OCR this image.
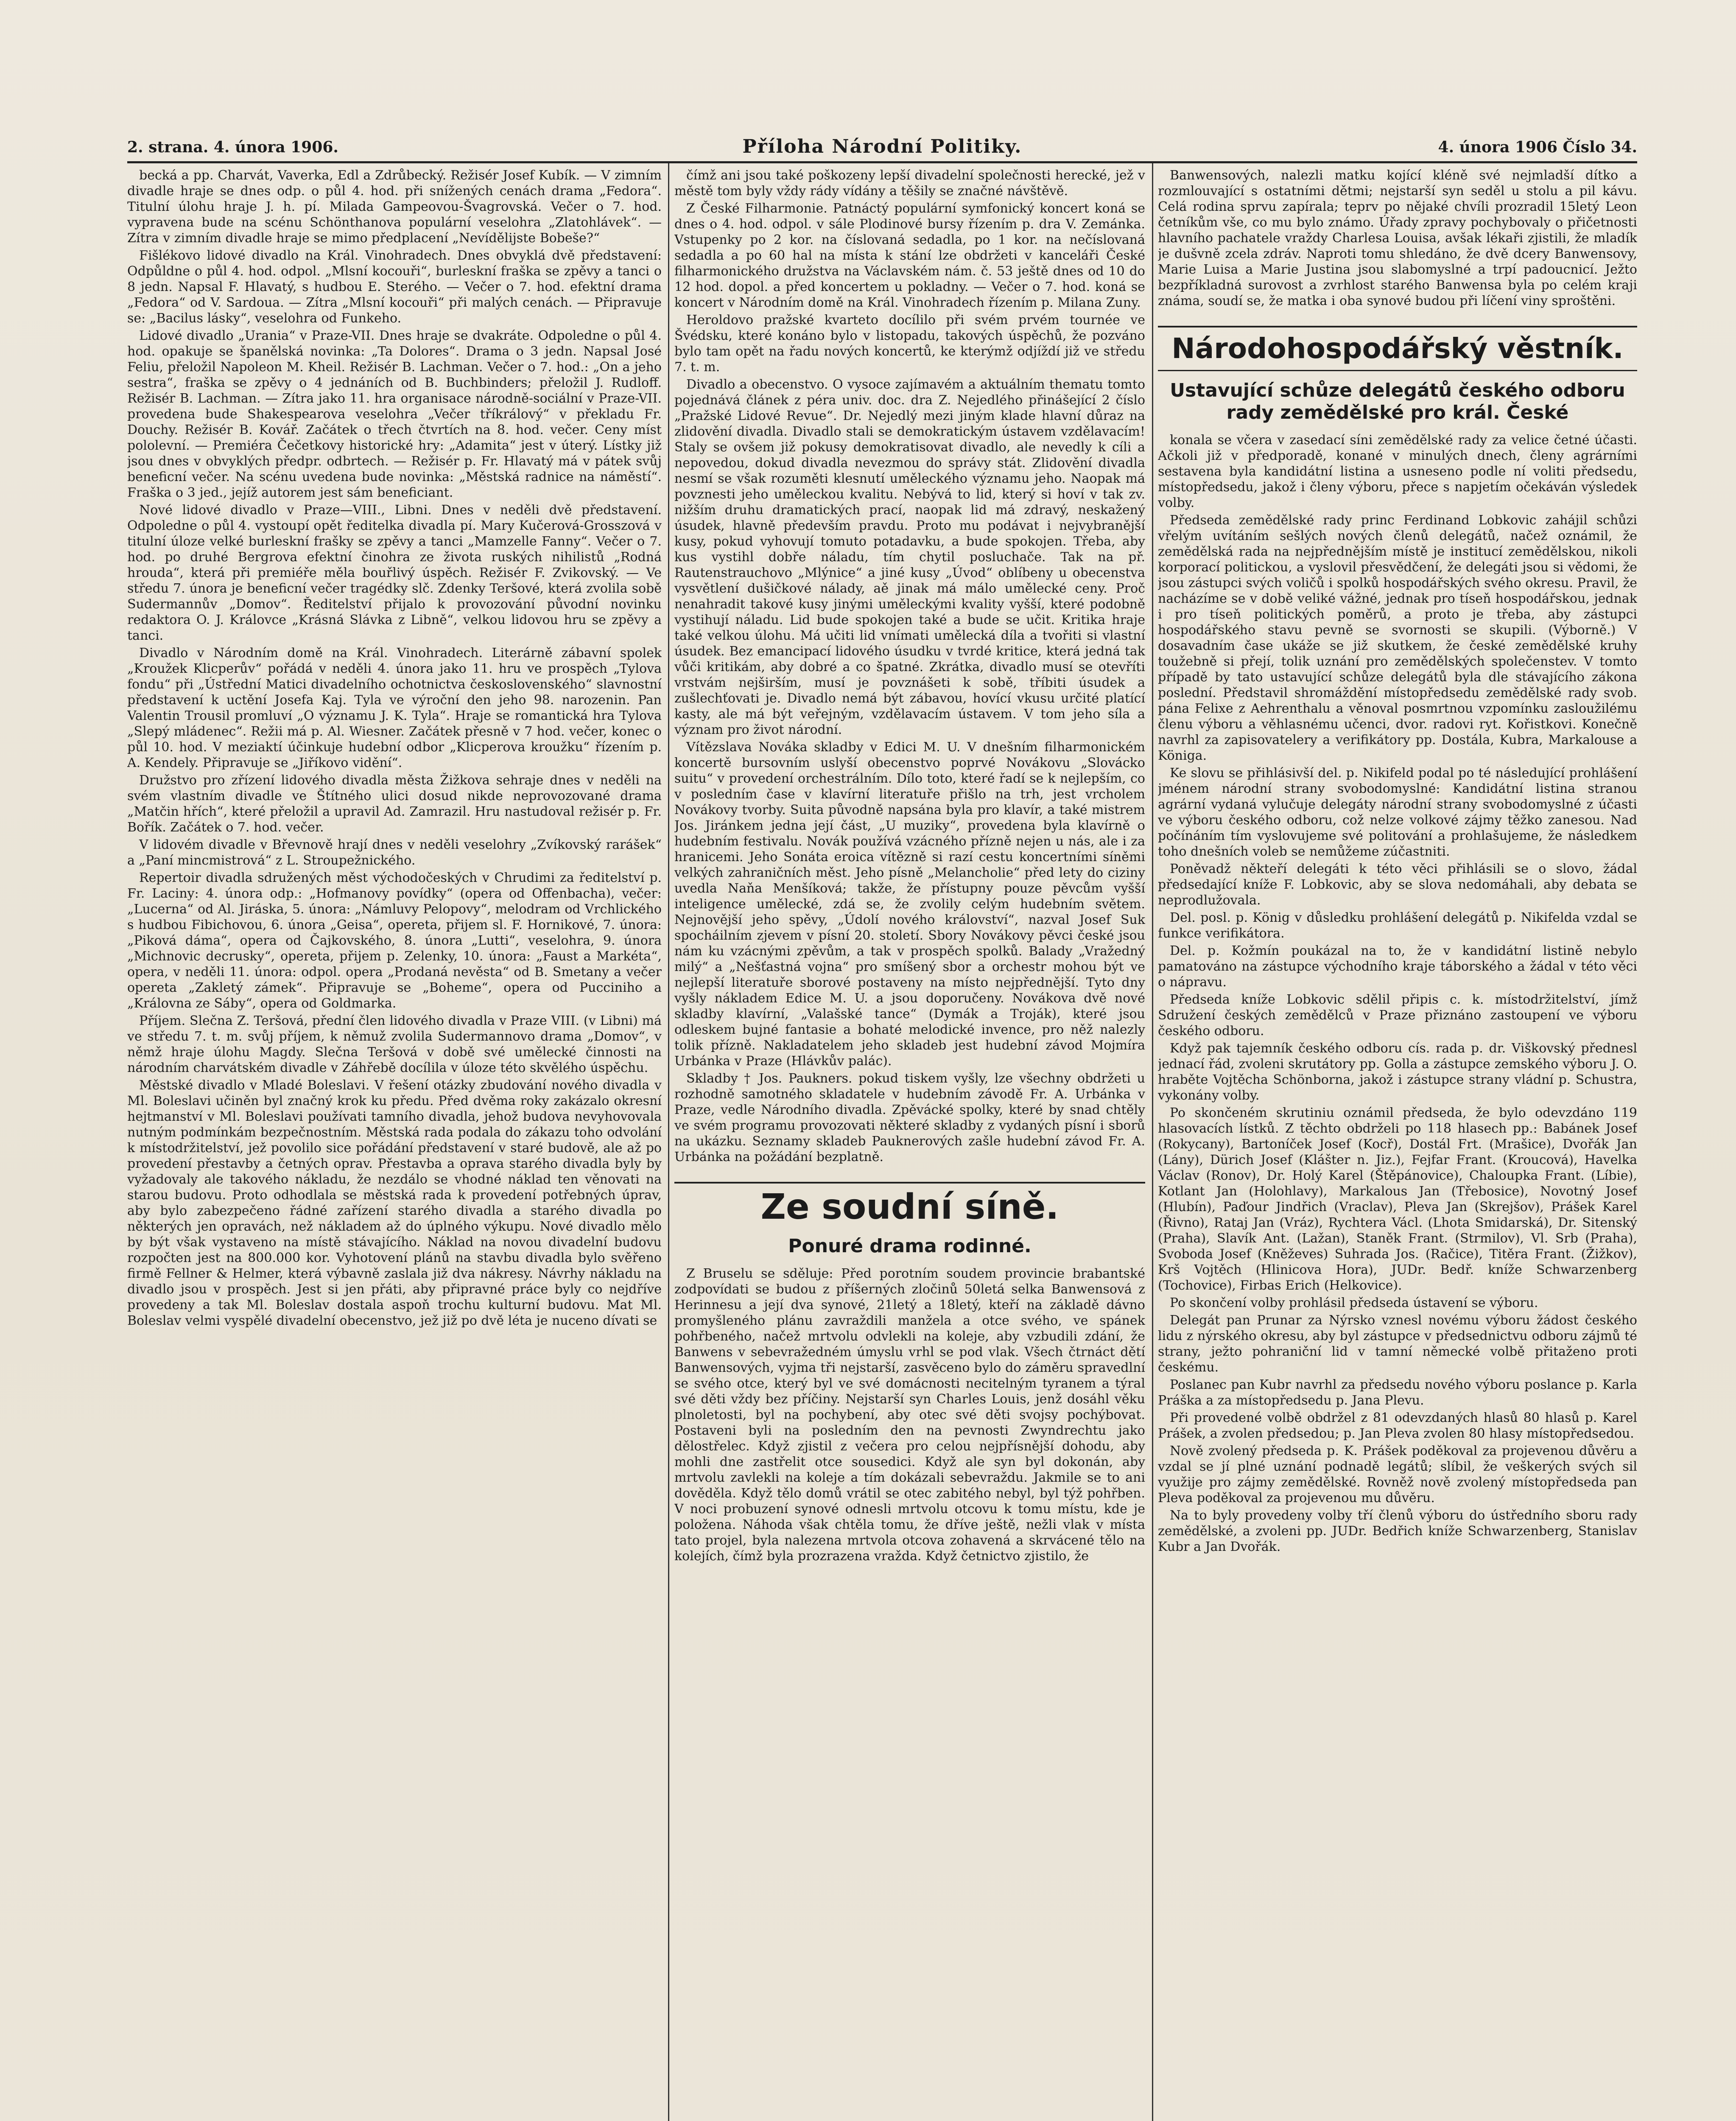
2. strana. 4. února 1906.	Příloha Národní Politiky.	4. února 1906 Číslo 34.

becká a pp. Charvát, Vaverka, Edl a Zdrůbecký. Režisér Josef Kubík. — V zimním divadle hraje se dnes odp. o půl 4. hod. při snížených cenách drama „Fedora“. Titulní úlohu hraje J. h. pí. Milada Gampeovou-Švagrovská. Večer o 7. hod. vypravena bude na scénu Schönthanova populární veselohra „Zlatohlávek“. — Zítra v zimním divadle hraje se mimo předplacení „Nevídělijste Bobeše?“

Fišlékovo lidové divadlo na Král. Vinohradech. Dnes obvyklá dvě představení: Odpůldne o půl 4. hod. odpol. „Mlsní kocouři“, burleskní fraška se zpěvy a tanci o 8 jedn. Napsal F. Hlavatý, s hudbou E. Sterého. — Večer o 7. hod. efektní drama „Fedora“ od V. Sardoua. — Zítra „Mlsní kocouři“ při malých cenách. — Připravuje se: „Bacilus lásky“, veselohra od Funkeho.

Lidové divadlo „Urania“ v Praze-VII. Dnes hraje se dvakráte. Odpoledne o půl 4. hod. opakuje se španělská novinka: „Ta Dolores“. Drama o 3 jedn. Napsal José Feliu, přeložil Napoleon M. Kheil. Režisér B. Lachman. Večer o 7. hod.: „On a jeho sestra“, fraška se zpěvy o 4 jednáních od B. Buchbinders; přeložil J. Rudloff. Režisér B. Lachman. — Zítra jako 11. hra organisace národně-sociální v Praze-VII. provedena bude Shakespearova veselohra „Večer tříkrálový“ v překladu Fr. Douchy. Režisér B. Kovář. Začátek o třech čtvrtích na 8. hod. večer. Ceny míst pololevní. — Premiéra Čečetkovy historické hry: „Adamita“ jest v úterý. Lístky již jsou dnes v obvyklých předpr. odbrtech. — Režisér p. Fr. Hlavatý má v pátek svůj beneficní večer. Na scénu uvedena bude novinka: „Městská radnice na náměstí“. Fraška o 3 jed., jejíž autorem jest sám beneficiant.

Nové lidové divadlo v Praze—VIII., Libni. Dnes v neděli dvě představení. Odpoledne o půl 4. vystoupí opět ředitelka divadla pí. Mary Kučerová-Grosszová v titulní úloze velké burleskní frašky se zpěvy a tanci „Mamzelle Fanny“. Večer o 7. hod. po druhé Bergrova efektní činohra ze života ruských nihilistů „Rodná hrouda“, která při premiéře měla bouřlivý úspěch. Režisér F. Zvikovský. — Ve středu 7. února je beneficní večer tragédky slč. Zdenky Teršové, která zvolila sobě Sudermannův „Domov“. Ředitelství přijalo k provozování původní novinku redaktora O. J. Královce „Krásná Slávka z Libně“, velkou lidovou hru se zpěvy a tanci.

Divadlo v Národním domě na Král. Vinohradech. Literárně zábavní spolek „Kroužek Klicperův“ pořádá v neděli 4. února jako 11. hru ve prospěch „Tylova fondu“ při „Ústřední Matici divadelního ochotnictva československého“ slavnostní představení k uctění Josefa Kaj. Tyla ve výroční den jeho 98. narozenin. Pan Valentin Trousil promluví „O významu J. K. Tyla“. Hraje se romantická hra Tylova „Slepý mládenec“. Režii má p. Al. Wiesner. Začátek přesně v 7 hod. večer, konec o půl 10. hod. V meziaktí účinkuje hudební odbor „Klicperova kroužku“ řízením p. A. Kendely. Připravuje se „Jiříkovo vidění“.

Družstvo pro zřízení lidového divadla města Žižkova sehraje dnes v neděli na svém vlastním divadle ve Štítného ulici dosud nikde neprovozované drama „Matčin hřích“, které přeložil a upravil Ad. Zamrazil. Hru nastudoval režisér p. Fr. Bořík. Začátek o 7. hod. večer.

V lidovém divadle v Břevnově hrají dnes v neděli veselohry „Zvíkovský rarášek“ a „Paní mincmistrová“ z L. Stroupežnického.

Repertoir divadla sdružených měst východočeských v Chrudimi za ředitelství p. Fr. Laciny: 4. února odp.: „Hofmanovy povídky“ (opera od Offenbacha), večer: „Lucerna“ od Al. Jiráska, 5. února: „Námluvy Pelopovy“, melodram od Vrchlického s hudbou Fibichovou, 6. února „Geisa“, opereta, přijem sl. F. Hornikové, 7. února: „Piková dáma“, opera od Čajkovského, 8. února „Lutti“, veselohra, 9. února „Michnovic decrusky“, opereta, přijem p. Zelenky, 10. února: „Faust a Markéta“, opera, v neděli 11. února: odpol. opera „Prodaná nevěsta“ od B. Smetany a večer opereta „Zakletý zámek“. Připravuje se „Boheme“, opera od Pucciniho a „Královna ze Sáby“, opera od Goldmarka.

Příjem. Slečna Z. Teršová, přední člen lidového divadla v Praze VIII. (v Libni) má ve středu 7. t. m. svůj příjem, k němuž zvolila Sudermannovo drama „Domov“, v němž hraje úlohu Magdy. Slečna Teršová v době své umělecké činnosti na národním charvátském divadle v Záhřebě docílila v úloze této skvělého úspěchu.

Městské divadlo v Mladé Boleslavi. V řešení otázky zbudování nového divadla v Ml. Boleslavi učiněn byl značný krok ku předu. Před dvěma roky zakázalo okresní hejtmanství v Ml. Boleslavi používati tamního divadla, jehož budova nevyhovovala nutným podmínkám bezpečnostním. Městská rada podala do zákazu toho odvolání k místodržitelství, jež povolilo sice pořádání představení v staré budově, ale až po provedení přestavby a četných oprav. Přestavba a oprava starého divadla byly by vyžadovaly ale takového nákladu, že nezdálo se vhodné náklad ten věnovati na starou budovu. Proto odhodlala se městská rada k provedení potřebných úprav, aby bylo zabezpečeno řádné zařízení starého divadla a starého divadla po některých jen opravách, než nákladem až do úplného výkupu. Nové divadlo mělo by být však vystaveno na místě stávajícího. Náklad na novou divadelní budovu rozpočten jest na 800.000 kor. Vyhotovení plánů na stavbu divadla bylo svěřeno firmě Fellner & Helmer, která výbavně zaslala již dva nákresy. Návrhy nákladu na divadlo jsou v prospěch. Jest si jen přáti, aby připravné práce byly co nejdříve provedeny a tak Ml. Boleslav dostala aspoň trochu kulturní budovu. Mat Ml. Boleslav velmi vyspělé divadelní obecenstvo, jež již po dvě léta je nuceno dívati se

čímž ani jsou také poškozeny lepší divadelní společnosti herecké, jež v městě tom byly vždy rády vídány a těšily se značné návštěvě.

Z České Filharmonie. Patnáctý populární symfonický koncert koná se dnes o 4. hod. odpol. v sále Plodinové bursy řízením p. dra V. Zemánka. Vstupenky po 2 kor. na číslovaná sedadla, po 1 kor. na nečíslovaná sedadla a po 60 hal na místa k stání lze obdržeti v kanceláři České filharmonického družstva na Václavském nám. č. 53 ještě dnes od 10 do 12 hod. dopol. a před koncertem u pokladny. — Večer o 7. hod. koná se koncert v Národním domě na Král. Vinohradech řízením p. Milana Zuny.

Heroldovo pražské kvarteto docílilo při svém prvém tournée ve Švédsku, které konáno bylo v listopadu, takových úspěchů, že pozváno bylo tam opět na řadu nových koncertů, ke kterýmž odjíždí již ve středu 7. t. m.

Divadlo a obecenstvo. O vysoce zajímavém a aktuálním thematu tomto pojednává článek z péra univ. doc. dra Z. Nejedlého přinášející 2 číslo „Pražské Lidové Revue“. Dr. Nejedlý mezi jiným klade hlavní důraz na zlidovění divadla. Divadlo stali se demokratickým ústavem vzdělavacím! Staly se ovšem již pokusy demokratisovat divadlo, ale nevedly k cíli a nepovedou, dokud divadla nevezmou do správy stát. Zlidovění divadla nesmí se však rozuměti klesnutí uměleckého významu jeho. Naopak má povznesti jeho uměleckou kvalitu. Nebývá to lid, který si hoví v tak zv. nižším druhu dramatických prací, naopak lid má zdravý, neskažený úsudek, hlavně především pravdu. Proto mu podávat i nejvybranější kusy, pokud vyhovují tomuto potadavku, a bude spokojen. Třeba, aby kus vystihl dobře náladu, tím chytil posluchače. Tak na př. Rautenstrauchovo „Mlýnice“ a jiné kusy „Úvod“ oblíbeny u obecenstva vysvětlení dušičkové nálady, aě jinak má málo umělecké ceny. Proč nenahradit takové kusy jinými uměleckými kvality vyšší, které podobně vystihují náladu. Lid bude spokojen také a bude se učit. Kritika hraje také velkou úlohu. Má učiti lid vnímati umělecká díla a tvořiti si vlastní úsudek. Bez emancipací lidového úsudku v tvrdé kritice, která jedná tak vůči kritikám, aby dobré a co špatné. Zkrátka, divadlo musí se otevříti vrstvám nejširším, musí je povznášeti k sobě, tříbiti úsudek a zušlechťovati je. Divadlo nemá být zábavou, hovící vkusu určité platící kasty, ale má být veřejným, vzdělavacím ústavem. V tom jeho síla a význam pro život národní.

Vítězslava Nováka skladby v Edici M. U. V dnešním filharmonickém koncertě bursovním uslyší obecenstvo poprvé Novákovu „Slovácko suitu“ v provedení orchestrálním. Dílo toto, které řadí se k nejlepším, co v posledním čase v klavírní literatuře přišlo na trh, jest vrcholem Novákovy tvorby. Suita původně napsána byla pro klavír, a také mistrem Jos. Jiránkem jedna její část, „U muziky“, provedena byla klavírně o hudebním festivalu. Novák používá vzácného přízně nejen u nás, ale i za hranicemi. Jeho Sonáta eroica vítězně si razí cestu koncertními síněmi velkých zahraničních měst. Jeho písně „Melancholie“ před lety do ciziny uvedla Naňa Menšíková; takže, že přístupny pouze pěvcům vyšší inteligence umělecké, zdá se, že zvolily celým hudebním světem. Nejnovější jeho spěvy, „Údolí nového království“, nazval Josef Suk spocháilním zjevem v písní 20. století. Sbory Novákovy pěvci české jsou nám ku vzácnými zpěvům, a tak v prospěch spolků. Balady „Vražedný milý“ a „Nešťastná vojna“ pro smíšený sbor a orchestr mohou být ve nejlepší literatuře sborové postaveny na místo nejpřednější. Tyto dny vyšly nákladem Edice M. U. a jsou doporučeny. Novákova dvě nové skladby klavírní, „Valašské tance“ (Dymák a Troják), které jsou odleskem bujné fantasie a bohaté melodické invence, pro něž nalezly tolik přízně. Nakladatelem jeho skladeb jest hudební závod Mojmíra Urbánka v Praze (Hlávkův palác).

Skladby † Jos. Paukners. pokud tiskem vyšly, lze všechny obdržeti u rozhodně samotného skladatele v hudebním závodě Fr. A. Urbánka v Praze, vedle Národního divadla. Zpěvácké spolky, které by snad chtěly ve svém programu provozovati některé skladby z vydaných písní i sborů na ukázku. Seznamy skladeb Pauknerových zašle hudební závod Fr. A. Urbánka na požádání bezplatně.

Ze soudní síně.
Ponuré drama rodinné.

Z Bruselu se sděluje: Před porotním soudem provincie brabantské zodpovídati se budou z příšerných zločinů 50letá selka Banwensová z Herinnesu a její dva synové, 21letý a 18letý, kteří na základě dávno promyšleného plánu zavraždili manžela a otce svého, ve spánek pohřbeného, načež mrtvolu odvlekli na koleje, aby vzbudili zdání, že Banwens v sebevražedném úmyslu vrhl se pod vlak. Všech čtrnáct dětí Banwensových, vyjma tři nejstarší, zasvěceno bylo do záměru spravedlní se svého otce, který byl ve své domácnosti necitelným tyranem a týral své děti vždy bez příčiny. Nejstarší syn Charles Louis, jenž dosáhl věku plnoletosti, byl na pochybení, aby otec své děti svojsy pochýbovat. Postaveni byli na posledním den na pevnosti Zwyndrechtu jako dělostřelec. Když zjistil z večera pro celou nejpřísnější dohodu, aby mohli dne zastřelit otce sousedici. Když ale syn byl dokonán, aby mrtvolu zavlekli na koleje a tím dokázali sebevraždu. Jakmile se to ani dověděla. Když tělo domů vrátil se otec zabitého nebyl, byl týž pohřben. V noci probuzení synové odnesli mrtvolu otcovu k tomu místu, kde je položena. Náhoda však chtěla tomu, že dříve ještě, nežli vlak v místa tato projel, byla nalezena mrtvola otcova zohavená a skrvácené tělo na kolejích, čímž byla prozrazena vražda. Když četnictvo zjistilo, že

Banwensových, nalezli matku kojící kléně své nejmladší dítko a rozmlouvající s ostatními dětmi; nejstarší syn seděl u stolu a pil kávu. Celá rodina sprvu zapírala; teprv po nějaké chvíli prozradil 15letý Leon četníkům vše, co mu bylo známo. Úřady zpravy pochybovaly o přičetnosti hlavního pachatele vraždy Charlesa Louisa, avšak lékaři zjistili, že mladík je dušvně zcela zdráv. Naproti tomu shledáno, že dvě dcery Banwensovy, Marie Luisa a Marie Justina jsou slabomyslné a trpí padoucnicí. Ježto bezpříkladná surovost a zvrhlost starého Banwensa byla po celém kraji známa, soudí se, že matka i oba synové budou při líčení viny sproštěni.

Národohospodářský věstník.
Ustavující schůze delegátů českého odboru rady zemědělské pro král. České

konala se včera v zasedací síni zemědělské rady za velice četné účasti. Ačkoli již v předporadě, konané v minulých dnech, členy agrárními sestavena byla kandidátní listina a usneseno podle ní voliti předsedu, místopředsedu, jakož i členy výboru, přece s napjetím očekáván výsledek volby.

Předseda zemědělské rady princ Ferdinand Lobkovic zahájil schůzi vřelým uvítáním sešlých nových členů delegátů, načež oznámil, že zemědělská rada na nejpřednějším místě je institucí zemědělskou, nikoli korporací politickou, a vyslovil přesvědčení, že delegáti jsou si vědomi, že jsou zástupci svých voličů i spolků hospodářských svého okresu. Pravil, že nacházíme se v době veliké vážné, jednak pro tíseň hospodářskou, jednak i pro tíseň politických poměrů, a proto je třeba, aby zástupci hospodářského stavu pevně se svornosti se skupili. (Výborně.) V dosavadním čase ukáže se již skutkem, že české zemědělské kruhy toužebně si přejí, tolik uznání pro zemědělských společenstev. V tomto případě by tato ustavující schůze delegátů byla dle stávajícího zákona poslední. Představil shromáždění místopředsedu zemědělské rady svob. pána Felixe z Aehrenthalu a věnoval posmrtnou vzpomínku zasloužilému členu výboru a věhlasnému učenci, dvor. radovi ryt. Kořistkovi. Konečně navrhl za zapisovatelery a verifikátory pp. Dostála, Kubra, Markalouse a Königa.

Ke slovu se přihlásivší del. p. Nikifeld podal po té následující prohlášení jménem národní strany svobodomyslné: Kandidátní listina stranou agrární vydaná vylučuje delegáty národní strany svobodomyslné z účasti ve výboru českého odboru, což nelze volkové zájmy těžko zanesou. Nad počínáním tím vyslovujeme své politování a prohlašujeme, že následkem toho dnešních voleb se nemůžeme zúčastniti.

Poněvadž někteří delegáti k této věci přihlásili se o slovo, žádal předsedající kníže F. Lobkovic, aby se slova nedomáhali, aby debata se neprodlužovala.

Del. posl. p. König v důsledku prohlášení delegátů p. Nikifelda vzdal se funkce verifikátora.

Del. p. Kožmín poukázal na to, že v kandidátní listině nebylo pamatováno na zástupce východního kraje táborského a žádal v této věci o nápravu.

Předseda kníže Lobkovic sdělil připis c. k. místodržitelství, jímž Sdružení českých zemědělců v Praze přiznáno zastoupení ve výboru českého odboru.

Když pak tajemník českého odboru cís. rada p. dr. Viškovský přednesl jednací řád, zvoleni skrutátory pp. Golla a zástupce zemského výboru J. O. hraběte Vojtěcha Schönborna, jakož i zástupce strany vládní p. Schustra, vykonány volby.

Po skončeném skrutiniu oznámil předseda, že bylo odevzdáno 119 hlasovacích lístků. Z těchto obdrželi po 118 hlasech pp.: Babánek Josef (Rokycany), Bartoníček Josef (Kocř), Dostál Frt. (Mrašice), Dvořák Jan (Lány), Dürich Josef (Klášter n. Jiz.), Fejfar Frant. (Kroucová), Havelka Václav (Ronov), Dr. Holý Karel (Štěpánovice), Chaloupka Frant. (Líbie), Kotlant Jan (Holohlavy), Markalous Jan (Třebosice), Novotný Josef (Hlubín), Paďour Jindřich (Vraclav), Pleva Jan (Skrejšov), Prášek Karel (Řivno), Rataj Jan (Vráz), Rychtera Václ. (Lhota Smidarská), Dr. Sitenský (Praha), Slavík Ant. (Lažan), Staněk Frant. (Strmilov), Vl. Srb (Praha), Svoboda Josef (Kněževes) Suhrada Jos. (Račice), Titěra Frant. (Žižkov), Krš Vojtěch (Hlinicova Hora), JUDr. Bedř. kníže Schwarzenberg (Tochovice), Firbas Erich (Helkovice).

Po skončení volby prohlásil předseda ústavení se výboru.

Delegát pan Prunar za Nýrsko vznesl novému výboru žádost českého lidu z nýrského okresu, aby byl zástupce v předsednictvu odboru zájmů té strany, ježto pohraniční lid v tamní německé volbě přitaženo proti českému.

Poslanec pan Kubr navrhl za předsedu nového výboru poslance p. Karla Práška a za místopředsedu p. Jana Plevu.

Při provedené volbě obdržel z 81 odevzdaných hlasů 80 hlasů p. Karel Prášek, a zvolen předsedou; p. Jan Pleva zvolen 80 hlasy místopředsedou.

Nově zvolený předseda p. K. Prášek poděkoval za projevenou důvěru a vzdal se jí plné uznání podnadě legátů; slíbil, že veškerých svých sil využije pro zájmy zemědělské. Rovněž nově zvolený místopředseda pan Pleva poděkoval za projevenou mu důvěru.

Na to byly provedeny volby tří členů výboru do ústředního sboru rady zemědělské, a zvoleni pp. JUDr. Bedřich kníže Schwarzenberg, Stanislav Kubr a Jan Dvořák.
